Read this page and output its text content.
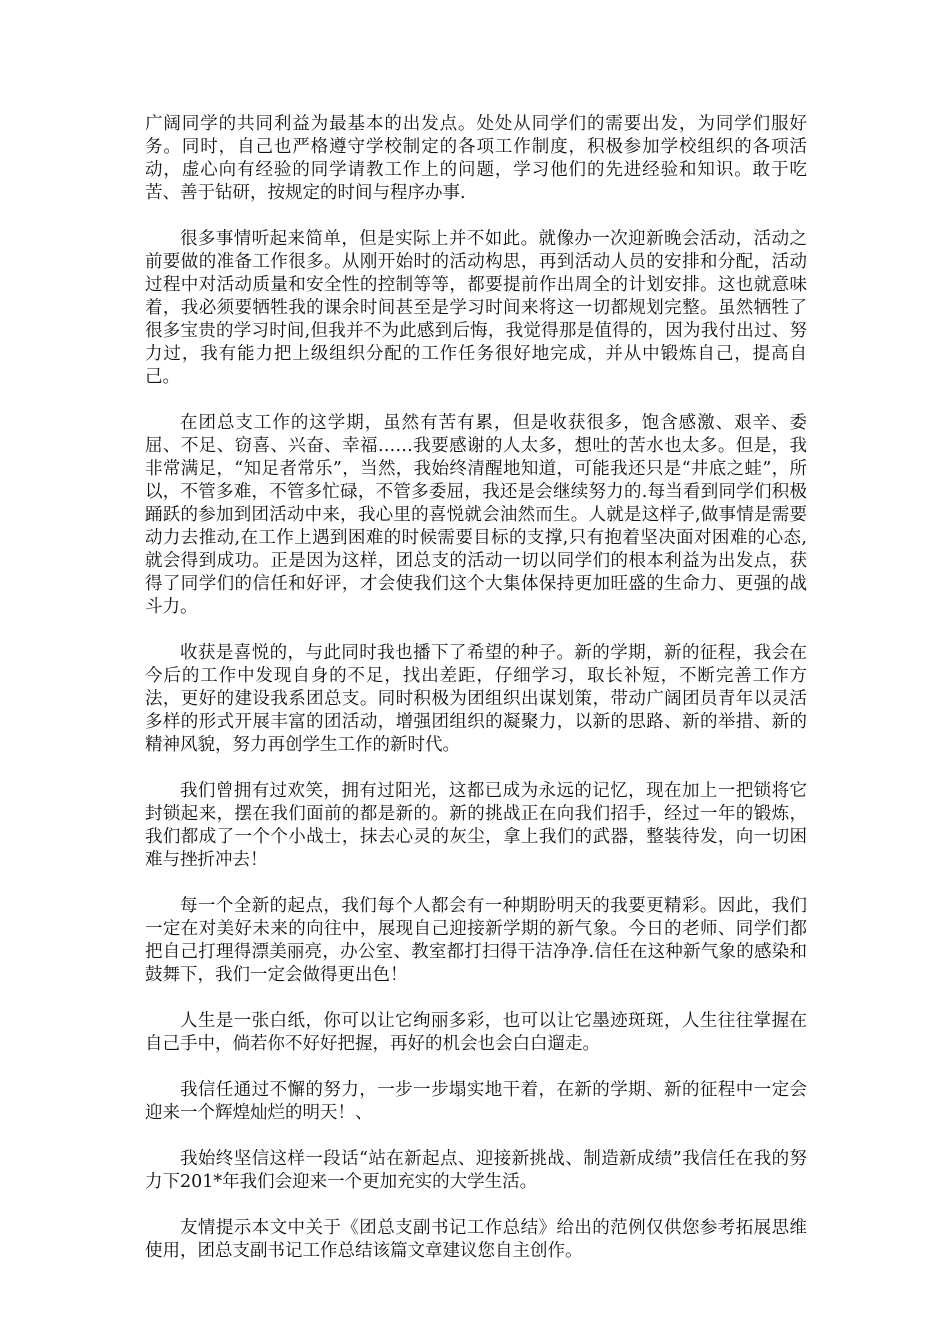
广阔同学的共同利益为最基本的出发点。处处从同学们的需要出发，为同学们服好务。同时，自己也严格遵守学校制定的各项工作制度，积极参加学校组织的各项活动，虚心向有经验的同学请教工作上的问题，学习他们的先进经验和知识。敢于吃苦、善于钻研，按规定的时间与程序办事.

很多事情听起来简单，但是实际上并不如此。就像办一次迎新晚会活动，活动之前要做的准备工作很多。从刚开始时的活动构思，再到活动人员的安排和分配，活动过程中对活动质量和安全性的控制等等，都要提前作出周全的计划安排。这也就意味着，我必须要牺牲我的课余时间甚至是学习时间来将这一切都规划完整。虽然牺牲了很多宝贵的学习时间,但我并不为此感到后悔，我觉得那是值得的，因为我付出过、努力过，我有能力把上级组织分配的工作任务很好地完成，并从中锻炼自己，提高自己。

在团总支工作的这学期，虽然有苦有累，但是收获很多，饱含感激、艰辛、委屈、不足、窃喜、兴奋、幸福……我要感谢的人太多，想吐的苦水也太多。但是，我非常满足，“知足者常乐”，当然，我始终清醒地知道，可能我还只是“井底之蛙”，所以，不管多难，不管多忙碌，不管多委屈，我还是会继续努力的.每当看到同学们积极踊跃的参加到团活动中来，我心里的喜悦就会油然而生。人就是这样子,做事情是需要动力去推动,在工作上遇到困难的时候需要目标的支撑,只有抱着坚决面对困难的心态,就会得到成功。正是因为这样，团总支的活动一切以同学们的根本利益为出发点，获得了同学们的信任和好评，才会使我们这个大集体保持更加旺盛的生命力、更强的战斗力。

收获是喜悦的，与此同时我也播下了希望的种子。新的学期，新的征程，我会在今后的工作中发现自身的不足，找出差距，仔细学习，取长补短，不断完善工作方法，更好的建设我系团总支。同时积极为团组织出谋划策，带动广阔团员青年以灵活多样的形式开展丰富的团活动，增强团组织的凝聚力，以新的思路、新的举措、新的精神风貌，努力再创学生工作的新时代。

我们曾拥有过欢笑，拥有过阳光，这都已成为永远的记忆，现在加上一把锁将它封锁起来，摆在我们面前的都是新的。新的挑战正在向我们招手，经过一年的锻炼，我们都成了一个个小战士，抹去心灵的灰尘，拿上我们的武器，整装待发，向一切困难与挫折冲去！

每一个全新的起点，我们每个人都会有一种期盼明天的我要更精彩。因此，我们一定在对美好未来的向往中，展现自己迎接新学期的新气象。今日的老师、同学们都把自己打理得漂美丽亮，办公室、教室都打扫得干洁净净.信任在这种新气象的感染和鼓舞下，我们一定会做得更出色！

人生是一张白纸，你可以让它绚丽多彩，也可以让它墨迹斑斑，人生往往掌握在自己手中，倘若你不好好把握，再好的机会也会白白遛走。

我信任通过不懈的努力，一步一步塌实地干着，在新的学期、新的征程中一定会迎来一个辉煌灿烂的明天！、

我始终坚信这样一段话“站在新起点、迎接新挑战、制造新成绩”我信任在我的努力下201*年我们会迎来一个更加充实的大学生活。

友情提示本文中关于《团总支副书记工作总结》给出的范例仅供您参考拓展思维使用，团总支副书记工作总结该篇文章建议您自主创作。
